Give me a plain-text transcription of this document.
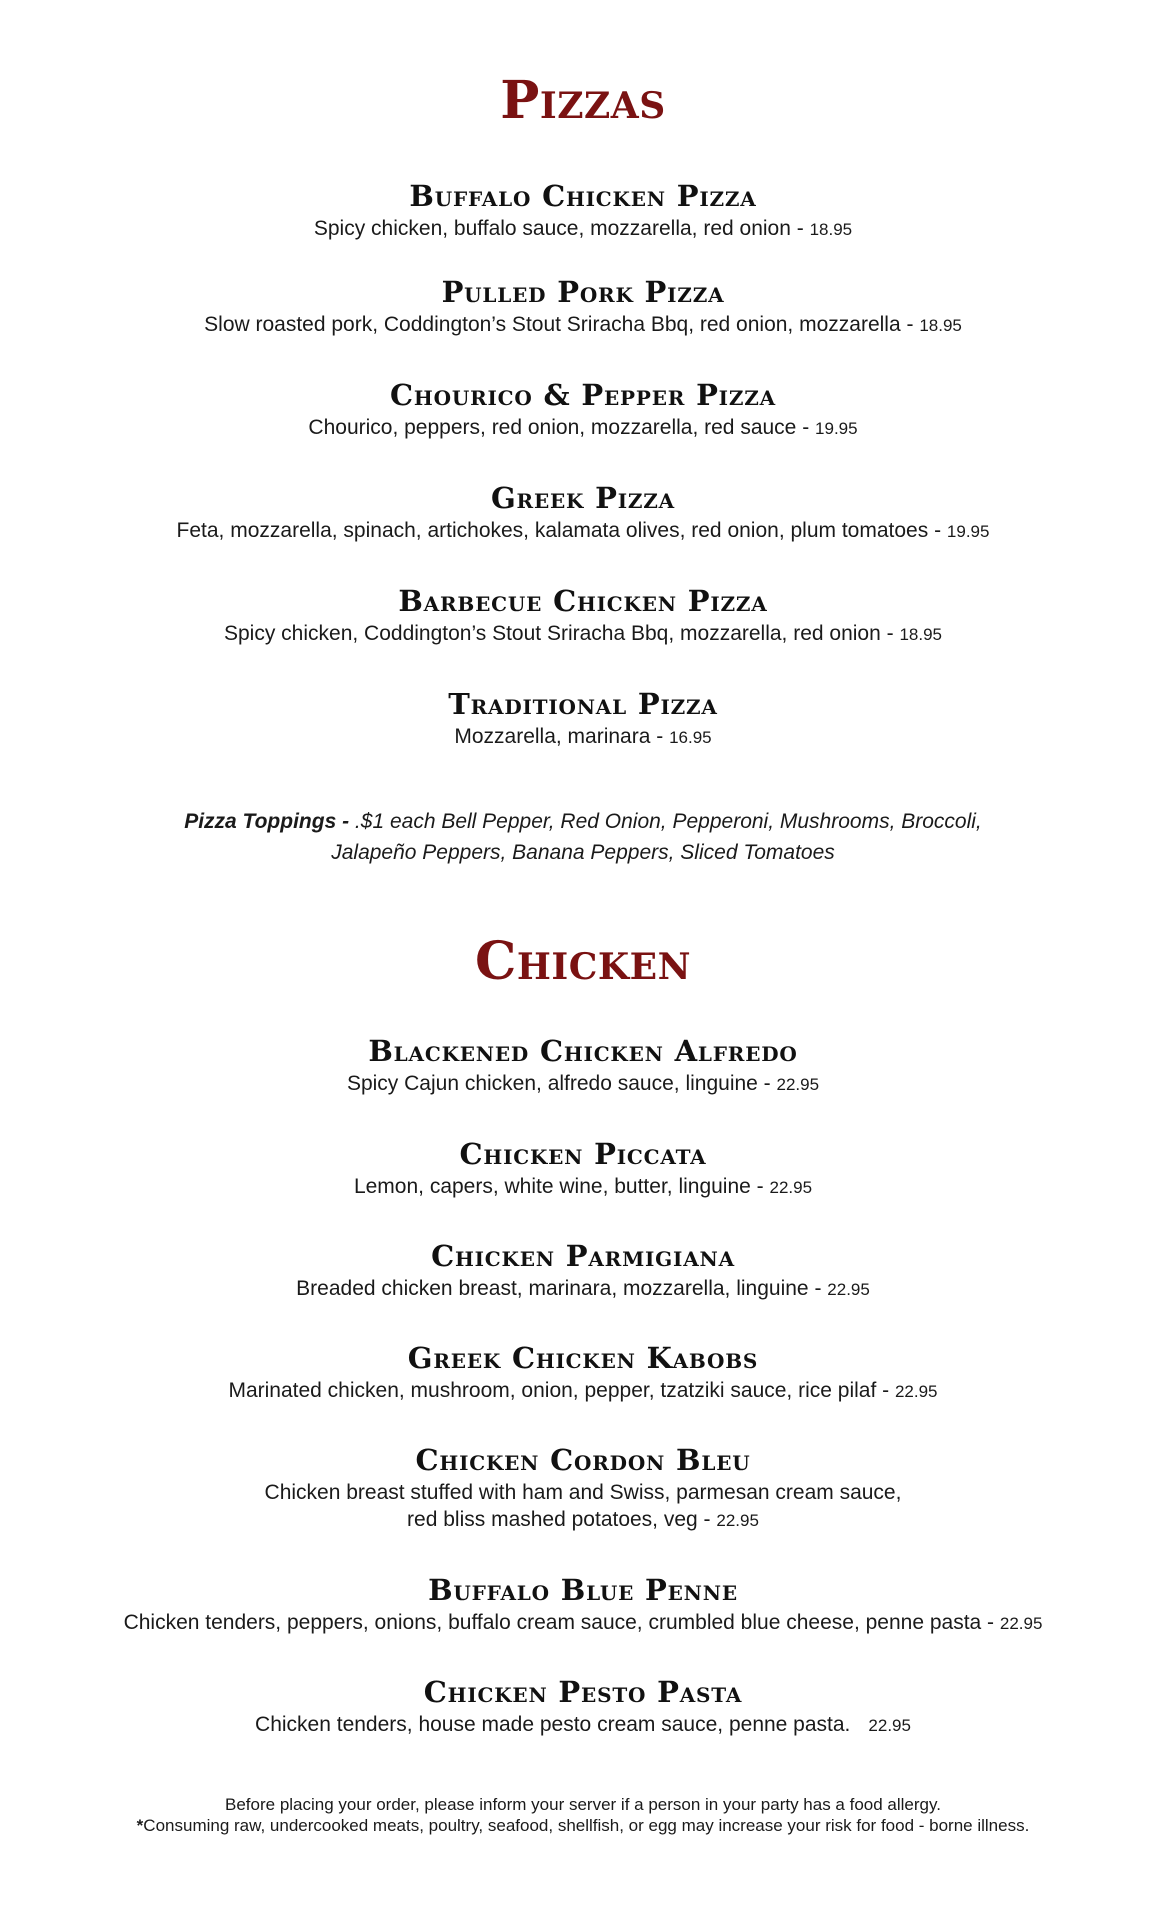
Pizzas
Buffalo Chicken Pizza
Spicy chicken, buffalo sauce, mozzarella, red onion - 18.95
Pulled Pork Pizza
Slow roasted pork, Coddington’s Stout Sriracha Bbq, red onion, mozzarella - 18.95
Chourico & Pepper Pizza
Chourico, peppers, red onion, mozzarella, red sauce - 19.95
Greek Pizza
Feta, mozzarella, spinach, artichokes, kalamata olives, red onion, plum tomatoes - 19.95
Barbecue Chicken Pizza
Spicy chicken, Coddington’s Stout Sriracha Bbq, mozzarella, red onion - 18.95
Traditional Pizza
Mozzarella, marinara - 16.95
Pizza Toppings - .$1 each Bell Pepper, Red Onion, Pepperoni, Mushrooms, Broccoli,
Jalapeño Peppers, Banana Peppers, Sliced Tomatoes
Chicken
Blackened Chicken Alfredo
Spicy Cajun chicken, alfredo sauce, linguine - 22.95
Chicken Piccata
Lemon, capers, white wine, butter, linguine - 22.95
Chicken Parmigiana
Breaded chicken breast, marinara, mozzarella, linguine - 22.95
Greek Chicken Kabobs
Marinated chicken, mushroom, onion, pepper, tzatziki sauce, rice pilaf - 22.95
Chicken Cordon Bleu
Chicken breast stuffed with ham and Swiss, parmesan cream sauce,
red bliss mashed potatoes, veg - 22.95
Buffalo Blue Penne
Chicken tenders, peppers, onions, buffalo cream sauce, crumbled blue cheese, penne pasta - 22.95
Chicken Pesto Pasta
Chicken tenders, house made pesto cream sauce, penne pasta. 22.95
Before placing your order, please inform your server if a person in your party has a food allergy.
*Consuming raw, undercooked meats, poultry, seafood, shellfish, or egg may increase your risk for food - borne illness.
